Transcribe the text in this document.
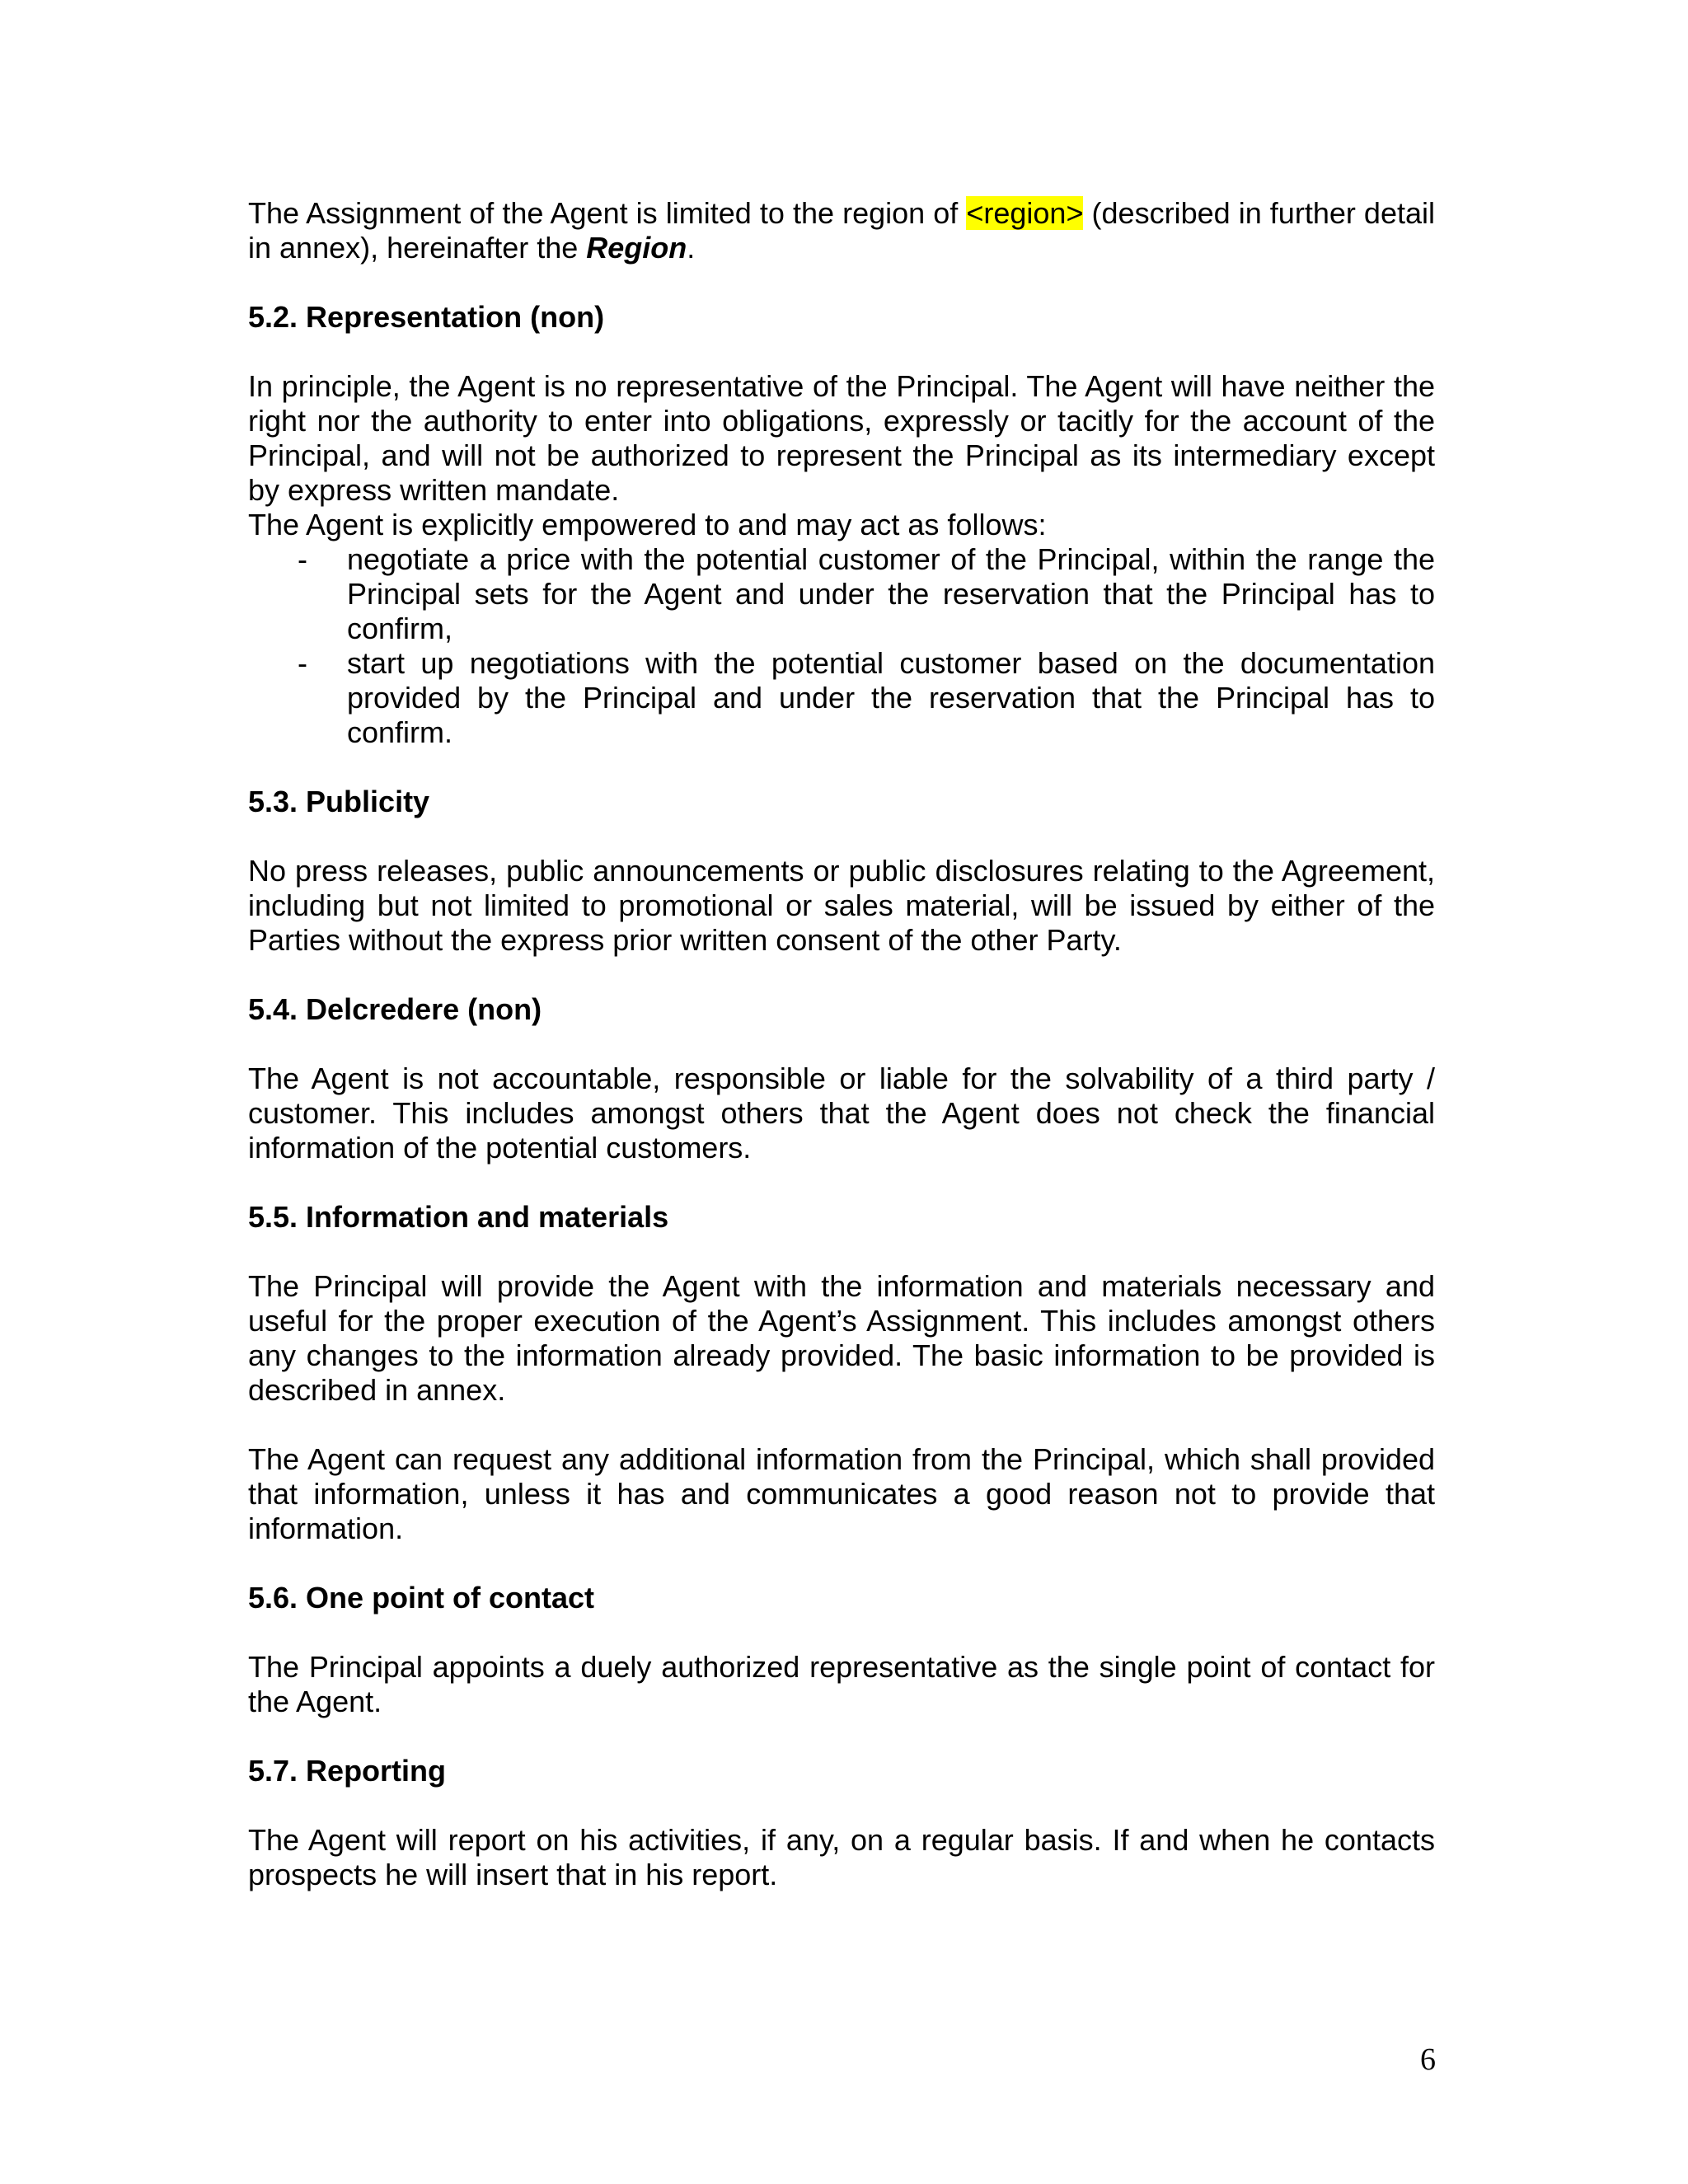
The Assignment of the Agent is limited to the region of <region> (described in further detail in annex), hereinafter the Region.

5.2. Representation (non)

In principle, the Agent is no representative of the Principal. The Agent will have neither the right nor the authority to enter into obligations, expressly or tacitly for the account of the Principal, and will not be authorized to represent the Principal as its intermediary except by express written mandate.

The Agent is explicitly empowered to and may act as follows:

- negotiate a price with the potential customer of the Principal, within the range the Principal sets for the Agent and under the reservation that the Principal has to confirm,
- start up negotiations with the potential customer based on the documentation provided by the Principal and under the reservation that the Principal has to confirm.
5.3. Publicity

No press releases, public announcements or public disclosures relating to the Agreement, including but not limited to promotional or sales material, will be issued by either of the Parties without the express prior written consent of the other Party.

5.4. Delcredere (non)

The Agent is not accountable, responsible or liable for the solvability of a third party / customer. This includes amongst others that the Agent does not check the financial information of the potential customers.

5.5. Information and materials

The Principal will provide the Agent with the information and materials necessary and useful for the proper execution of the Agent’s Assignment. This includes amongst others any changes to the information already provided. The basic information to be provided is described in annex.

The Agent can request any additional information from the Principal, which shall provided that information, unless it has and communicates a good reason not to provide that information.

5.6. One point of contact

The Principal appoints a duely authorized representative as the single point of contact for the Agent.

5.7. Reporting

The Agent will report on his activities, if any, on a regular basis. If and when he contacts prospects he will insert that in his report.

6
